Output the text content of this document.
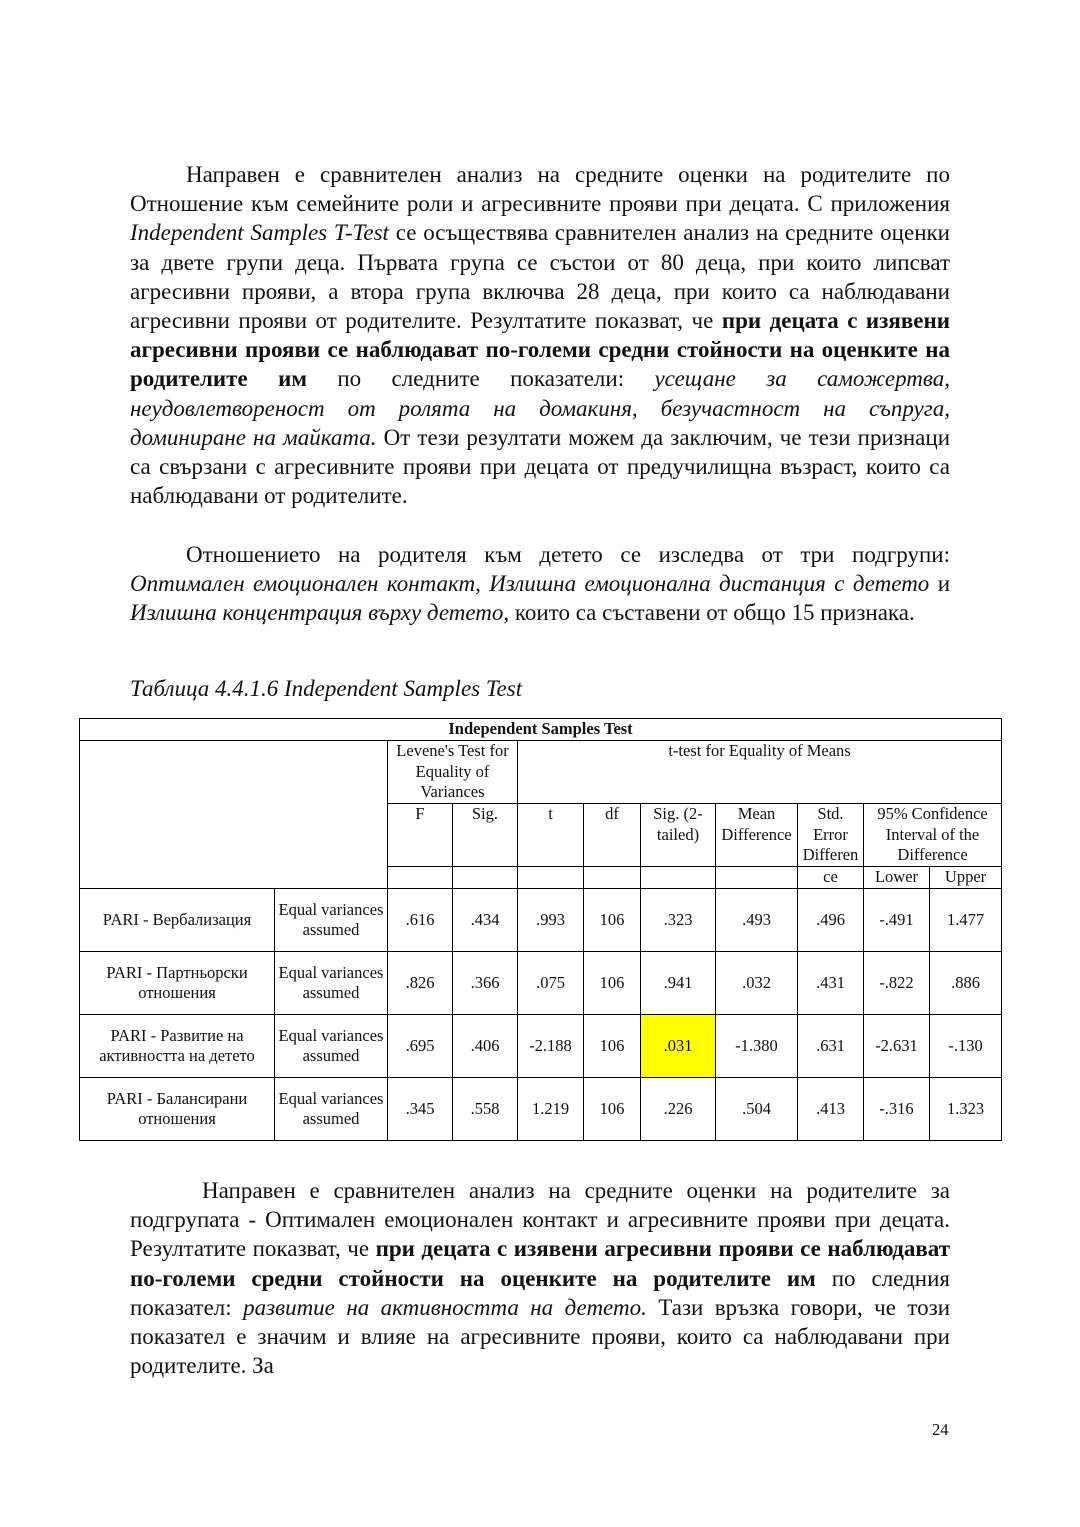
Направен е сравнителен анализ на средните оценки на родителите по Отношение към семейните роли и агресивните прояви при децата. С приложения Independent Samples T-Test се осъществява сравнителен анализ на средните оценки за двете групи деца. Първата група се състои от 80 деца, при които липсват агресивни прояви, а втора група включва 28 деца, при които са наблюдавани агресивни прояви от родителите. Резултатите показват, че при децата с изявени агресивни прояви се наблюдават по-големи средни стойности на оценките на родителите им по следните показатели: усещане за саможертва, неудовлетвореност от ролята на домакиня, безучастност на съпруга, доминиране на майката. От тези резултати можем да заключим, че тези признаци са свързани с агресивните прояви при децата от предучилищна възраст, които са наблюдавани от родителите.

Отношението на родителя към детето се изследва от три подгрупи: Оптимален емоционален контакт, Излишна емоционална дистанция с детето и Излишна концентрация върху детето, които са съставени от общо 15 признака.

Таблица 4.4.1.6 Independent Samples Test

Independent Samples Test										
		Levene's Test for Equality of Variances		t-test for Equality of Means						
		F	Sig.	t	df	Sig. (2-tailed)	Mean Difference	Std. Error Differen	95% Confidence Interval of the Difference	
								ce	Lower	Upper
PARI - Вербализация	Equal variances assumed	.616	.434	.993	106	.323	.493	.496	-.491	1.477
PARI - Партньорски отношения	Equal variances assumed	.826	.366	.075	106	.941	.032	.431	-.822	.886
PARI - Развитие на активността на детето	Equal variances assumed	.695	.406	-2.188	106	.031	-1.380	.631	-2.631	-.130
PARI - Балансирани отношения	Equal variances assumed	.345	.558	1.219	106	.226	.504	.413	-.316	1.323

Направен е сравнителен анализ на средните оценки на родителите за подгрупата - Оптимален емоционален контакт и агресивните прояви при децата. Резултатите показват, че при децата с изявени агресивни прояви се наблюдават по-големи средни стойности на оценките на родителите им по следния показател: развитие на активността на детето. Тази връзка говори, че този показател е значим и влияе на агресивните прояви, които са наблюдавани при родителите. За

24
